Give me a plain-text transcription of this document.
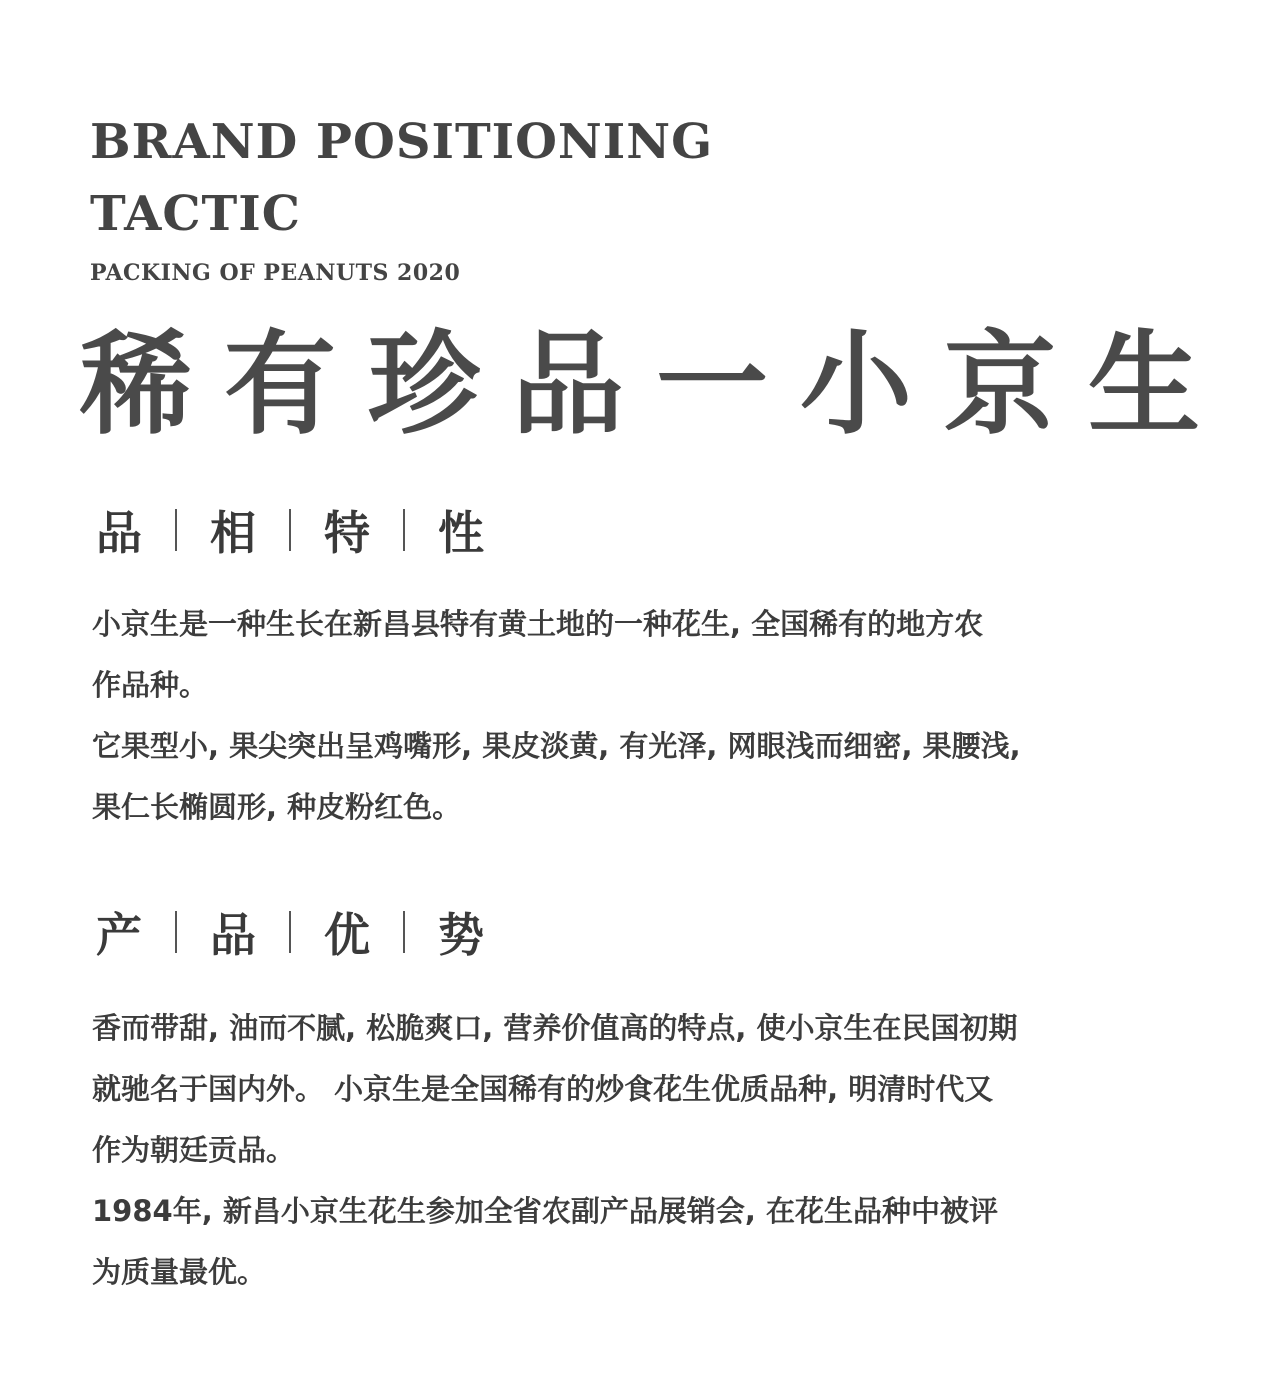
BRAND POSITIONING
TACTIC
PACKING OF PEANUTS 2020
稀 有 珍 品 一 小 京 生
品 相 特 性

小京生是一种生长在新昌县特有黄土地的一种花生, 全国稀有的地方农

作品种。

它果型小, 果尖突出呈鸡嘴形, 果皮淡黄, 有光泽, 网眼浅而细密, 果腰浅,

果仁长椭圆形, 种皮粉红色。

产 品 优 势

香而带甜, 油而不腻, 松脆爽口, 营养价值高的特点, 使小京生在民国初期

就驰名于国内外。 小京生是全国稀有的炒食花生优质品种, 明清时代又

作为朝廷贡品。

1984年, 新昌小京生花生参加全省农副产品展销会, 在花生品种中被评

为质量最优。
